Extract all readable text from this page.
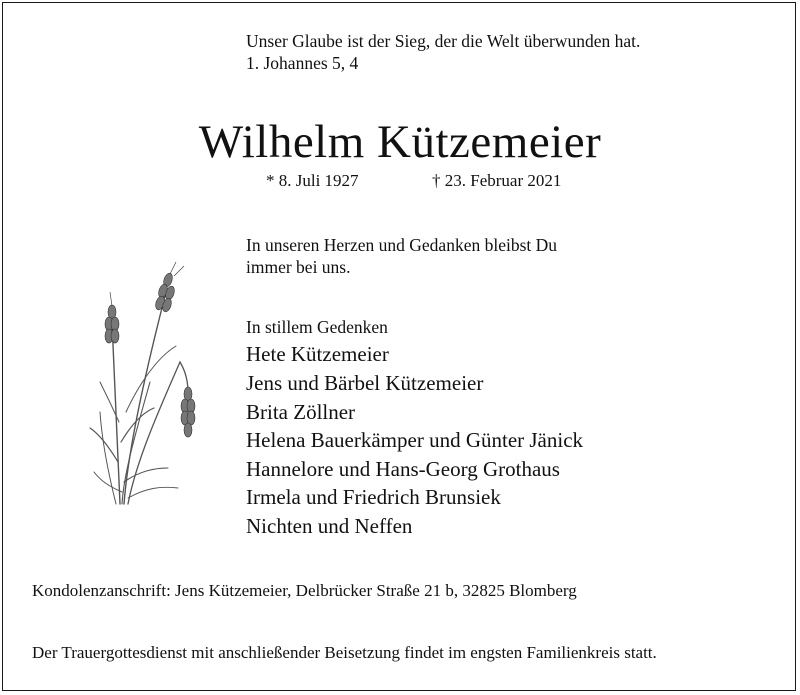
Unser Glaube ist der Sieg, der die Welt überwunden hat.
1. Johannes 5, 4
Wilhelm Kützemeier
* 8. Juli 1927	† 23. Februar 2021
In unseren Herzen und Gedanken bleibst Du
immer bei uns.
In stillem Gedenken
Hete Kützemeier
Jens und Bärbel Kützemeier
Brita Zöllner
Helena Bauerkämper und Günter Jänick
Hannelore und Hans-Georg Grothaus
Irmela und Friedrich Brunsiek
Nichten und Neffen
Kondolenzanschrift: Jens Kützemeier, Delbrücker Straße 21 b, 32825 Blomberg
Der Trauergottesdienst mit anschließender Beisetzung findet im engsten Familienkreis statt.
